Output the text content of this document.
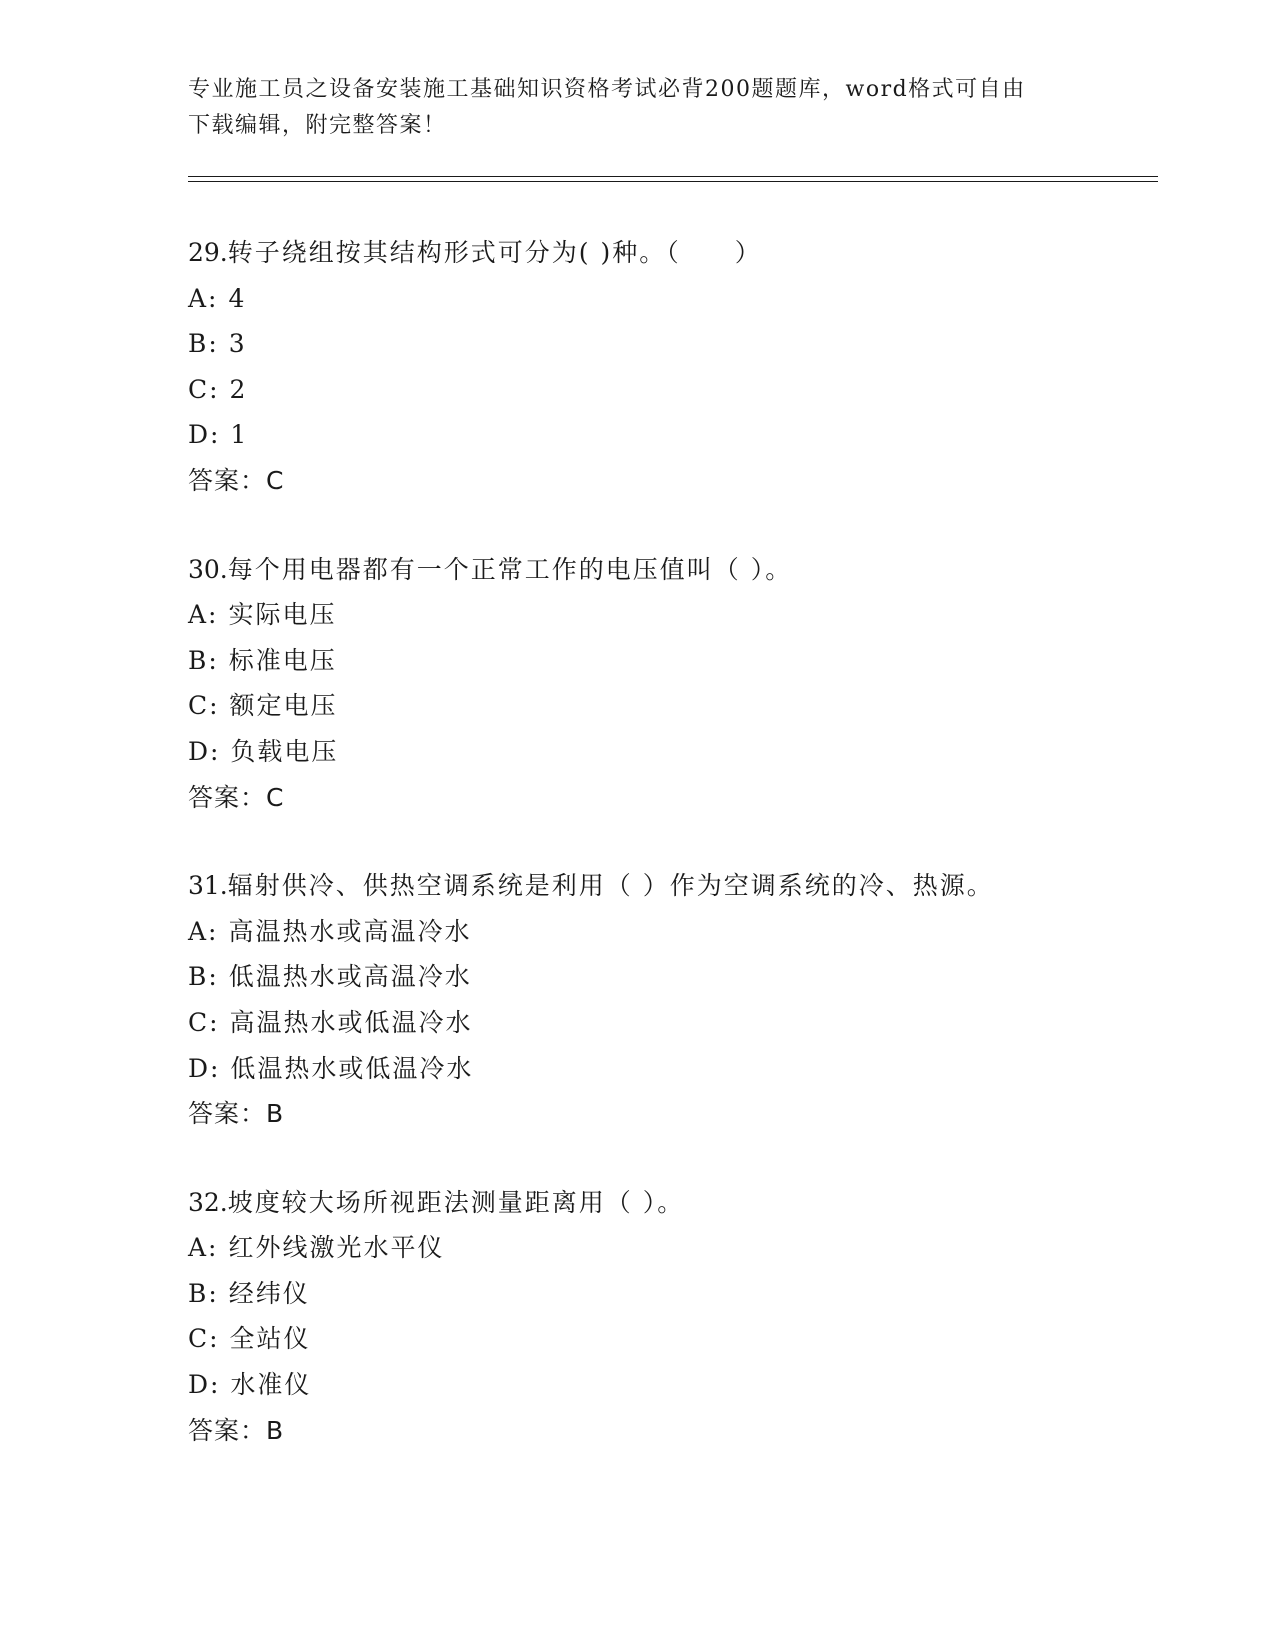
专业施工员之设备安装施工基础知识资格考试必背200题题库，word格式可自由
下载编辑，附完整答案！
29.转子绕组按其结构形式可分为( )种。（　　）
A: 4
B: 3
C: 2
D: 1
答案：C
30.每个用电器都有一个正常工作的电压值叫（ ）。
A: 实际电压
B: 标准电压
C: 额定电压
D: 负载电压
答案：C
31.辐射供冷、供热空调系统是利用（ ）作为空调系统的冷、热源。
A: 高温热水或高温冷水
B: 低温热水或高温冷水
C: 高温热水或低温冷水
D: 低温热水或低温冷水
答案：B
32.坡度较大场所视距法测量距离用（ ）。
A: 红外线激光水平仪
B: 经纬仪
C: 全站仪
D: 水准仪
答案：B
